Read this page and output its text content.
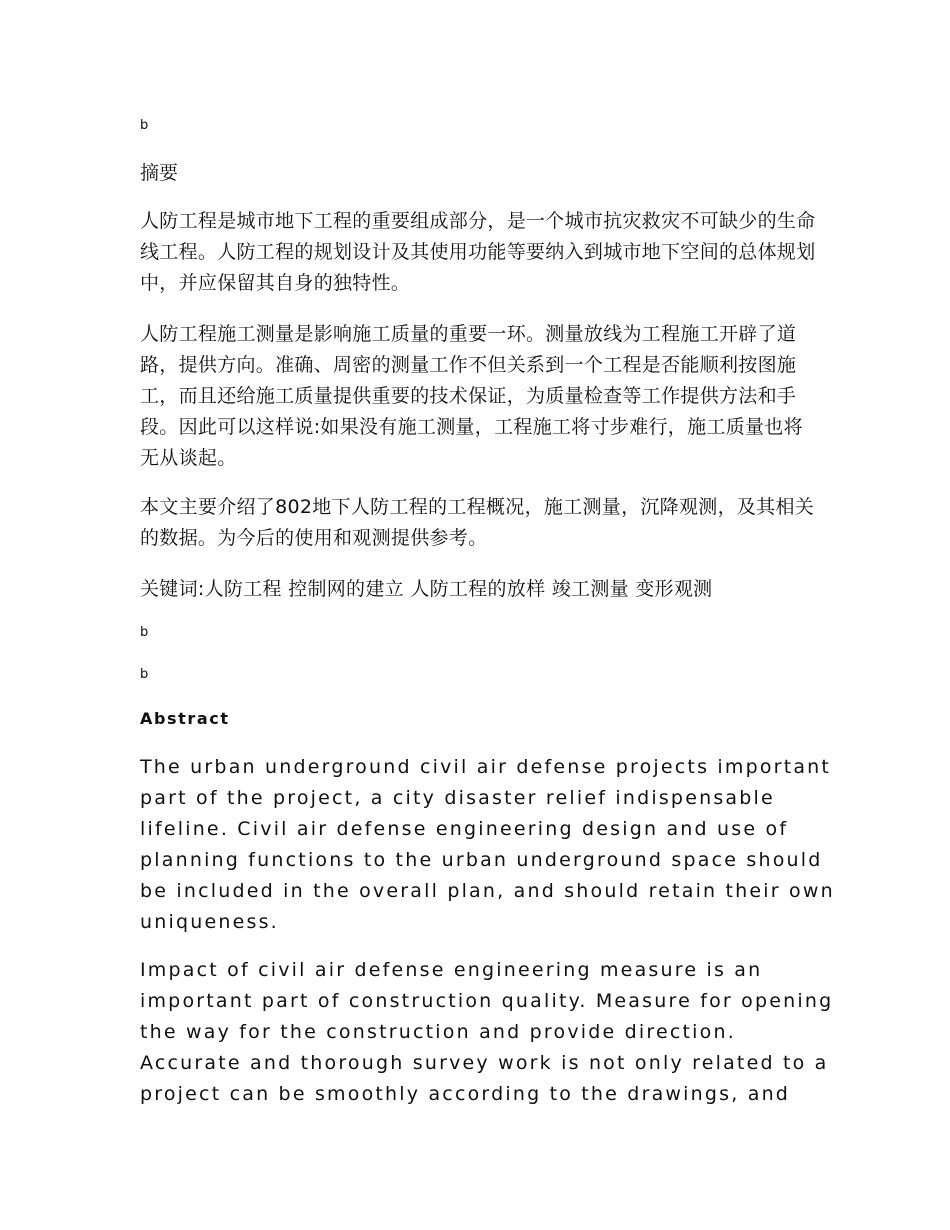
b
摘要

人防工程是城市地下工程的重要组成部分，是一个城市抗灾救灾不可缺少的生命线工程。人防工程的规划设计及其使用功能等要纳入到城市地下空间的总体规划中，并应保留其自身的独特性。

人防工程施工测量是影响施工质量的重要一环。测量放线为工程施工开辟了道路，提供方向。准确、周密的测量工作不但关系到一个工程是否能顺利按图施工，而且还给施工质量提供重要的技术保证，为质量检查等工作提供方法和手段。因此可以这样说:如果没有施工测量，工程施工将寸步难行，施工质量也将无从谈起。

本文主要介绍了802地下人防工程的工程概况，施工测量，沉降观测，及其相关的数据。为今后的使用和观测提供参考。

关键词:人防工程 控制网的建立 人防工程的放样 竣工测量 变形观测
b
b
Abstract

The urban underground civil air defense projects important
part of the project, a city disaster relief indispensable
lifeline. Civil air defense engineering design and use of
planning functions to the urban underground space should
be included in the overall plan, and should retain their own
uniqueness.

Impact of civil air defense engineering measure is an
important part of construction quality. Measure for opening
the way for the construction and provide direction.
Accurate and thorough survey work is not only related to a
project can be smoothly according to the drawings, and
